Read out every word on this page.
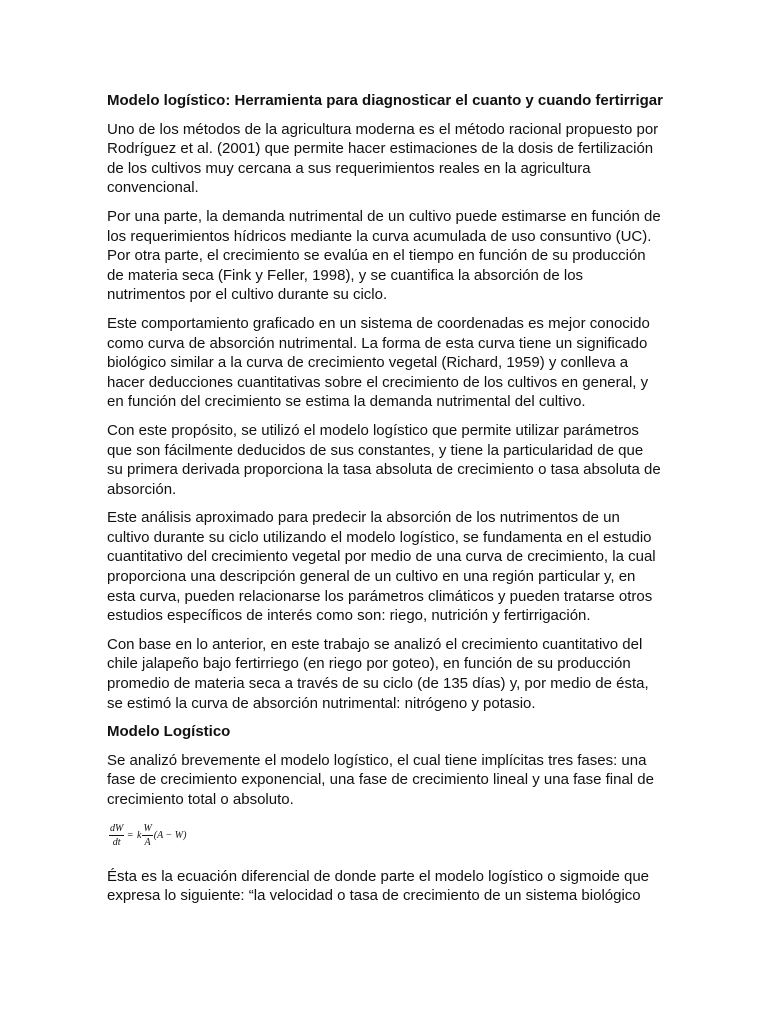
Modelo logístico: Herramienta para diagnosticar el cuanto y cuando fertirrigar
Uno de los métodos de la agricultura moderna es el método racional propuesto por Rodríguez et al. (2001) que permite hacer estimaciones de la dosis de fertilización de los cultivos muy cercana a sus requerimientos reales en la agricultura convencional.
Por una parte, la demanda nutrimental de un cultivo puede estimarse en función de los requerimientos hídricos mediante la curva acumulada de uso consuntivo (UC). Por otra parte, el crecimiento se evalúa en el tiempo en función de su producción de materia seca (Fink y Feller, 1998), y se cuantifica la absorción de los nutrimentos por el cultivo durante su ciclo.
Este comportamiento graficado en un sistema de coordenadas es mejor conocido como curva de absorción nutrimental. La forma de esta curva tiene un significado biológico similar a la curva de crecimiento vegetal (Richard, 1959) y conlleva a hacer deducciones cuantitativas sobre el crecimiento de los cultivos en general, y en función del crecimiento se estima la demanda nutrimental del cultivo.
Con este propósito, se utilizó el modelo logístico que permite utilizar parámetros que son fácilmente deducidos de sus constantes, y tiene la particularidad de que su primera derivada proporciona la tasa absoluta de crecimiento o tasa absoluta de absorción.
Este análisis aproximado para predecir la absorción de los nutrimentos de un cultivo durante su ciclo utilizando el modelo logístico, se fundamenta en el estudio cuantitativo del crecimiento vegetal por medio de una curva de crecimiento, la cual proporciona una descripción general de un cultivo en una región particular y, en esta curva, pueden relacionarse los parámetros climáticos y pueden tratarse otros estudios específicos de interés como son: riego, nutrición y fertirrigación.
Con base en lo anterior, en este trabajo se analizó el crecimiento cuantitativo del chile jalapeño bajo fertirriego (en riego por goteo), en función de su producción promedio de materia seca a través de su ciclo (de 135 días) y, por medio de ésta, se estimó la curva de absorción nutrimental: nitrógeno y potasio.
Modelo Logístico
Se analizó brevemente el modelo logístico, el cual tiene implícitas tres fases: una fase de crecimiento exponencial, una fase de crecimiento lineal y una fase final de crecimiento total o absoluto.
$\frac{dW}{dt} = k \frac{W}{A} (A - W)$
Ésta es la ecuación diferencial de donde parte el modelo logístico o sigmoide que expresa lo siguiente: “la velocidad o tasa de crecimiento de un sistema biológico
